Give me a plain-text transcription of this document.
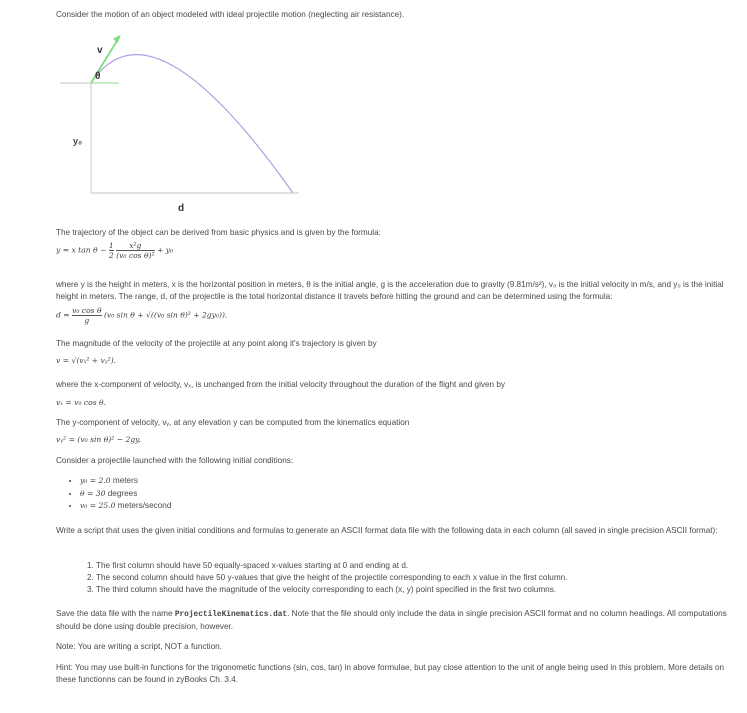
Consider the motion of an object modeled with ideal projectile motion (neglecting air resistance).

v
θ
y₀
d

The trajectory of the object can be derived from basic physics and is given by the formula:

y = x $\tan \theta - \frac{1}{2}$
$\frac{\text{x²g}}{\text{(v₀ cos θ)²}} + y_0$

where y is the height in meters, x is the horizontal position in meters, θ is the initial angle, g is the acceleration due to gravity (9.81m/s²), v₀ is the initial velocity in m/s, and y₀ is the initial height in meters. The range, d, of the projectile is the total horizontal distance it travels before hitting the ground and can be determined using the formula:

$d = \frac{\text{v₀ cos θ}}{g} (v_0$ sin θ + √((v₀ sin θ)² + 2gy₀)).

The magnitude of the velocity of the projectile at any point along it's trajectory is given by

v = √(vₓ² + vᵧ²).

where the x-component of velocity, vₓ, is unchanged from the initial velocity throughout the duration of the flight and given by

vₓ = v₀ cos θ.

The y-component of velocity, vᵧ, at any elevation y can be computed from the kinematics equation

vᵧ² = (v₀ sin θ)² − 2gy.

Consider a projectile launched with the following initial conditions:

• y₀ = 2.0 meters
• θ = 30 degrees
• v₀ = 25.0 meters/second

Write a script that uses the given initial conditions and formulas to generate an ASCII format data file with the following data in each column (all saved in single precision ASCII format):

1. The first column should have 50 equally-spaced x-values starting at 0 and ending at d.
2. The second column should have 50 y-values that give the height of the projectile corresponding to each x value in the first column.
3. The third column should have the magnitude of the velocity corresponding to each (x, y) point specified in the first two columns.

Save the data file with the name ProjectileKinematics.dat. Note that the file should only include the data in single precision ASCII format and no column headings. All computations should be done using double precision, however.

Note: You are writing a script, NOT a function.

Hint: You may use built-in functions for the trigonometic functions (sin, cos, tan) in above formulae, but pay close attention to the unit of angle being used in this problem. More details on these functionns can be found in zyBooks Ch. 3.4.
